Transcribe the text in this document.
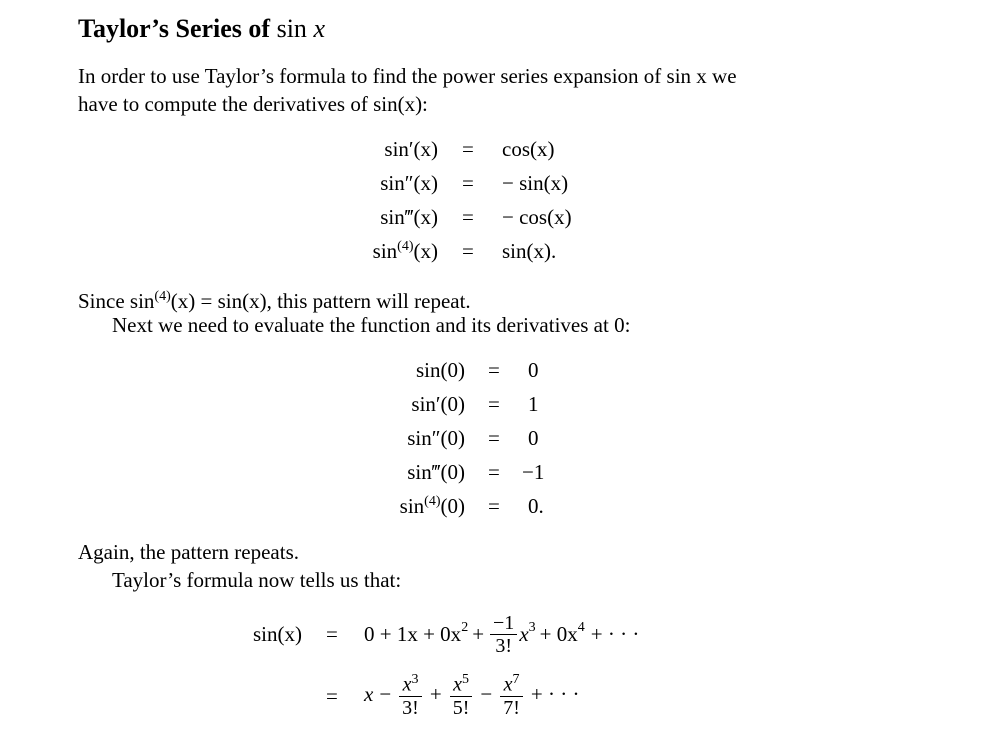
Taylor’s Series of sin x
In order to use Taylor’s formula to find the power series expansion of sin x we
have to compute the derivatives of sin(x):
sin′(x) = cos(x)
sin″(x) = − sin(x)
sin‴(x) = − cos(x)
$\sin^{(4)}(x) = \sin(x)$.
Since $\sin^{(4)}(x) = \sin(x)$, this pattern will repeat.
Next we need to evaluate the function and its derivatives at 0:
sin(0) = 0
sin′(0) = 1
sin″(0) = 0
sin‴(0) = −1
$\sin^{(4)}(0) = 0$.
Again, the pattern repeats.
Taylor’s formula now tells us that:
$\sin(x) = 0 + 1x + 0x^2 + \frac{-1}{3!} x^3 + 0x^4$ + · · ·
= $x - \frac{x^3}{3!} + \frac{x^5}{5!} - \frac{x^7}{7!}$ + · · ·
